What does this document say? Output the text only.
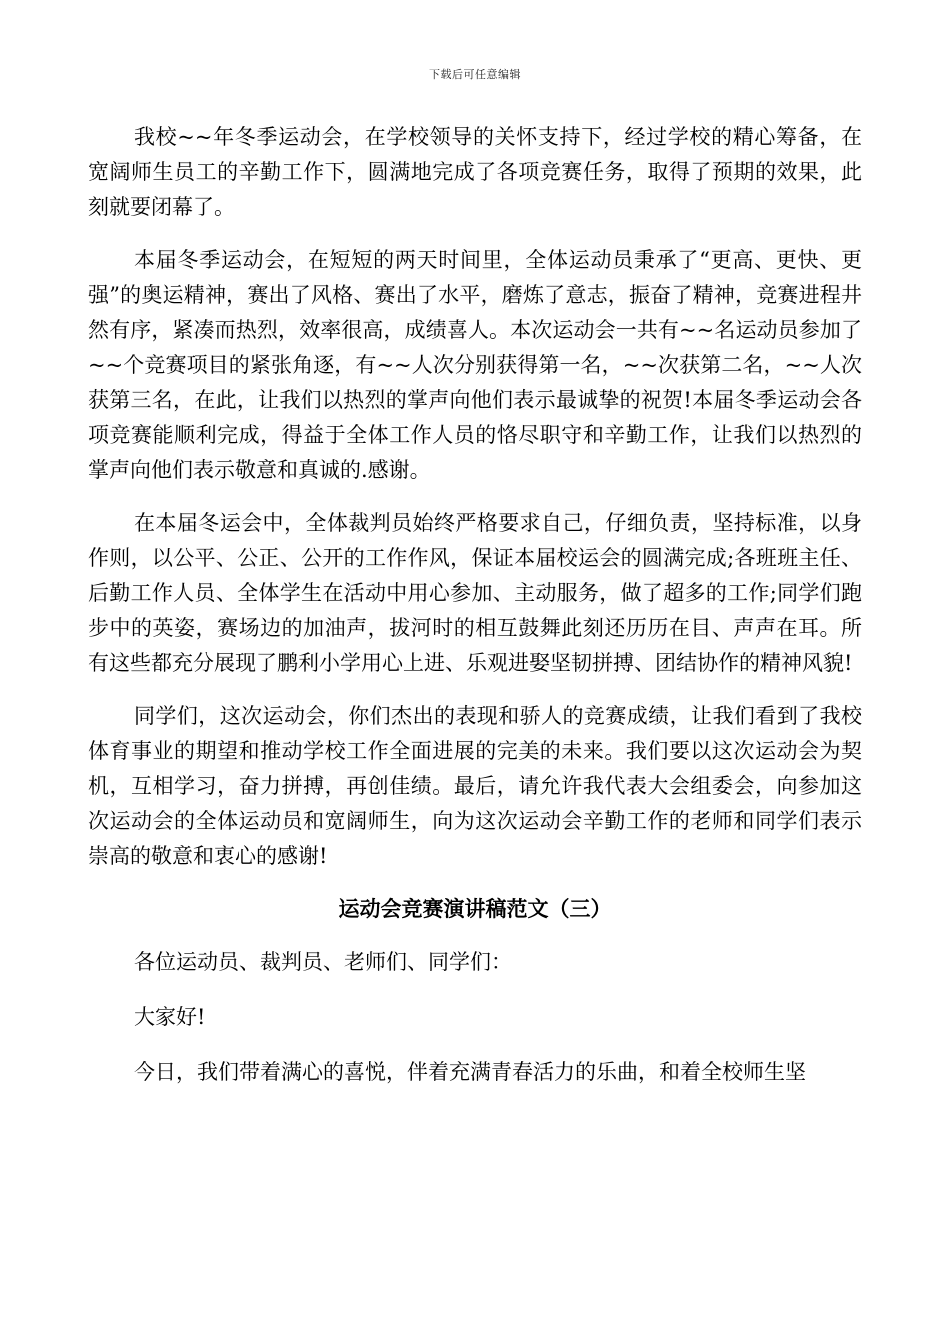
下载后可任意编辑

我校~~年冬季运动会，在学校领导的关怀支持下，经过学校的精心筹备，在宽阔师生员工的辛勤工作下，圆满地完成了各项竞赛任务，取得了预期的效果，此刻就要闭幕了。

本届冬季运动会，在短短的两天时间里，全体运动员秉承了“更高、更快、更强”的奥运精神，赛出了风格、赛出了水平，磨炼了意志，振奋了精神，竞赛进程井然有序，紧凑而热烈，效率很高，成绩喜人。本次运动会一共有~~名运动员参加了~~个竞赛项目的紧张角逐，有~~人次分别获得第一名，~~次获第二名，~~人次获第三名，在此，让我们以热烈的掌声向他们表示最诚挚的祝贺!本届冬季运动会各项竞赛能顺利完成，得益于全体工作人员的恪尽职守和辛勤工作，让我们以热烈的掌声向他们表示敬意和真诚的.感谢。

在本届冬运会中，全体裁判员始终严格要求自己，仔细负责，坚持标准，以身作则，以公平、公正、公开的工作作风，保证本届校运会的圆满完成;各班班主任、后勤工作人员、全体学生在活动中用心参加、主动服务，做了超多的工作;同学们跑步中的英姿，赛场边的加油声，拔河时的相互鼓舞此刻还历历在目、声声在耳。所有这些都充分展现了鹏利小学用心上进、乐观进娶坚韧拼搏、团结协作的精神风貌!

同学们，这次运动会，你们杰出的表现和骄人的竞赛成绩，让我们看到了我校体育事业的期望和推动学校工作全面进展的完美的未来。我们要以这次运动会为契机，互相学习，奋力拼搏，再创佳绩。最后，请允许我代表大会组委会，向参加这次运动会的全体运动员和宽阔师生，向为这次运动会辛勤工作的老师和同学们表示崇高的敬意和衷心的感谢!

运动会竞赛演讲稿范文（三）

各位运动员、裁判员、老师们、同学们：

大家好!

今日，我们带着满心的喜悦，伴着充满青春活力的乐曲，和着全校师生坚
